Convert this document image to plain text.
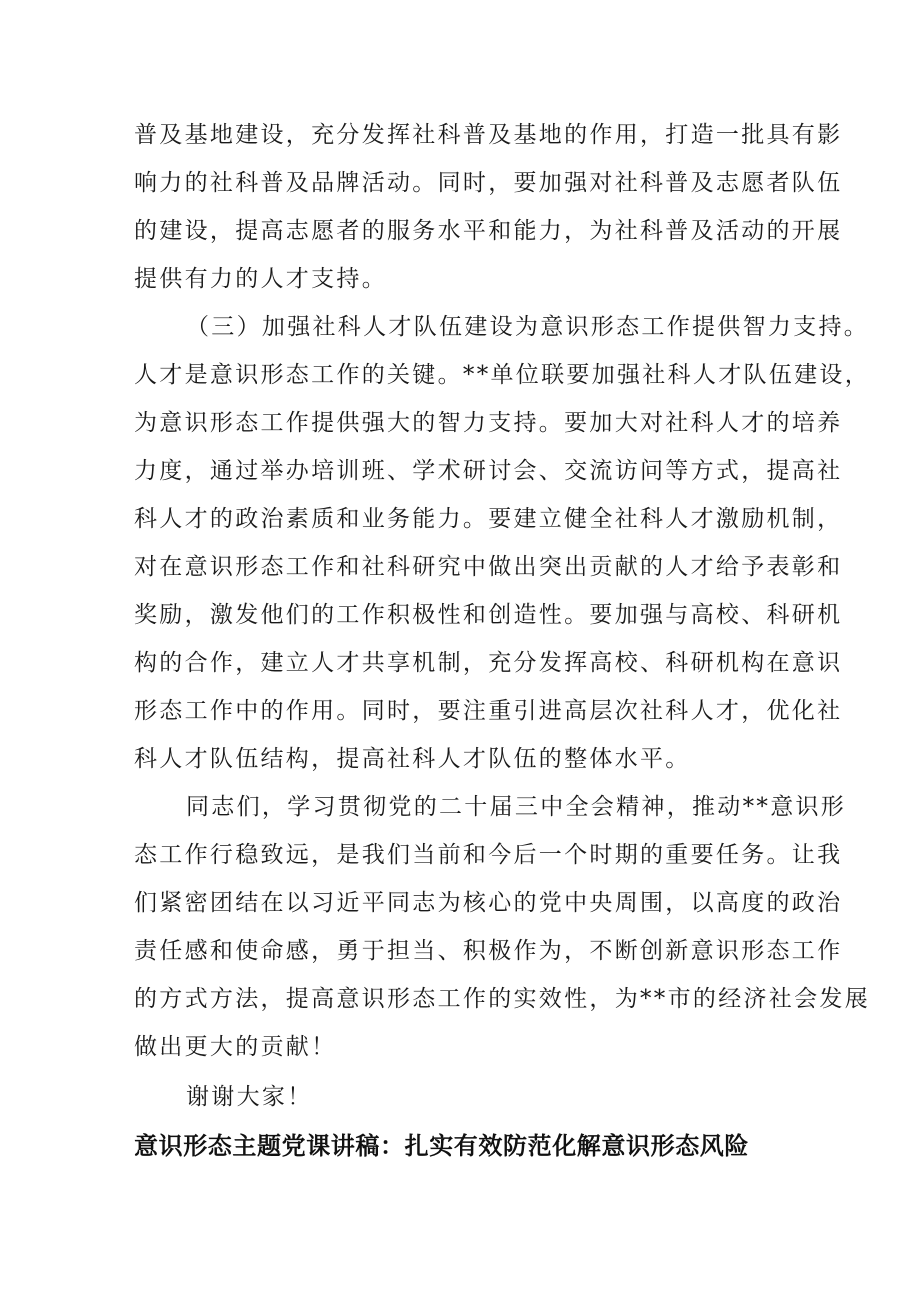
普及基地建设，充分发挥社科普及基地的作用，打造一批具有影

响力的社科普及品牌活动。同时，要加强对社科普及志愿者队伍

的建设，提高志愿者的服务水平和能力，为社科普及活动的开展

提供有力的人才支持。

（三）加强社科人才队伍建设为意识形态工作提供智力支持。

人才是意识形态工作的关键。**单位联要加强社科人才队伍建设，

为意识形态工作提供强大的智力支持。要加大对社科人才的培养

力度，通过举办培训班、学术研讨会、交流访问等方式，提高社

科人才的政治素质和业务能力。要建立健全社科人才激励机制，

对在意识形态工作和社科研究中做出突出贡献的人才给予表彰和

奖励，激发他们的工作积极性和创造性。要加强与高校、科研机

构的合作，建立人才共享机制，充分发挥高校、科研机构在意识

形态工作中的作用。同时，要注重引进高层次社科人才，优化社

科人才队伍结构，提高社科人才队伍的整体水平。

同志们，学习贯彻党的二十届三中全会精神，推动**意识形

态工作行稳致远，是我们当前和今后一个时期的重要任务。让我

们紧密团结在以习近平同志为核心的党中央周围，以高度的政治

责任感和使命感，勇于担当、积极作为，不断创新意识形态工作

的方式方法，提高意识形态工作的实效性，为**市的经济社会发展

做出更大的贡献！

谢谢大家！

意识形态主题党课讲稿：扎实有效防范化解意识形态风险
